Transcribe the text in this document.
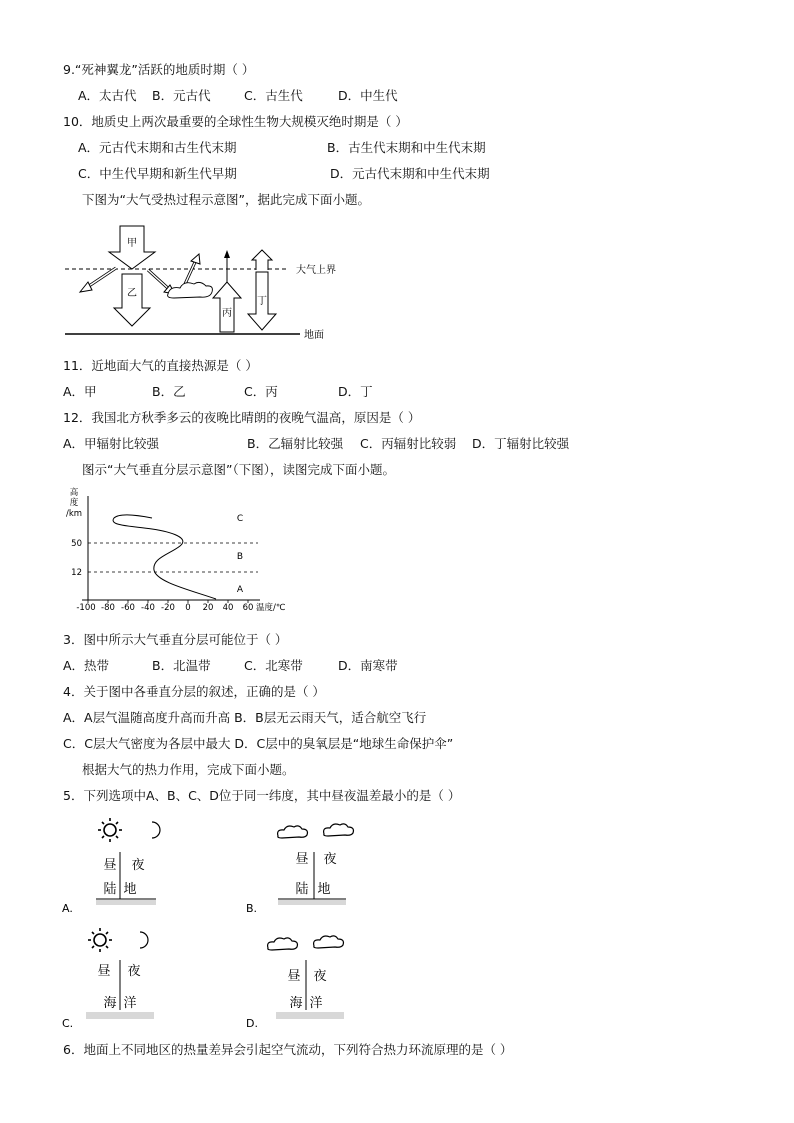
9.“死神翼龙”活跃的地质时期（ ）
A．太古代 B．元古代	C．古生代	D．中生代
10．地质史上两次最重要的全球性生物大规模灭绝时期是（ ）
A．元古代末期和古生代末期	B．古生代末期和中生代末期
C．中生代早期和新生代早期	D．元古代末期和中生代末期
下图为“大气受热过程示意图”，据此完成下面小题。
甲
乙
丙
丁
大气上界
地面
11．近地面大气的直接热源是（ ）
A．甲	B．乙	C．丙	D．丁
12．我国北方秋季多云的夜晚比晴朗的夜晚气温高，原因是（ ）
A．甲辐射比较强	B．乙辐射比较强 C．丙辐射比较弱 D．丁辐射比较强
图示“大气垂直分层示意图”（下图），读图完成下面小题。
高
度
/km
50
12
-100 -80 -60 -40 -20 0 20 40 60 温度/℃
A
B
C
3．图中所示大气垂直分层可能位于（ ）
A．热带	B．北温带	C．北寒带	D．南寒带
4．关于图中各垂直分层的叙述，正确的是（ ）
A．A层气温随高度升高而升高 B．B层无云雨天气，适合航空飞行
C．C层大气密度为各层中最大 D．C层中的臭氧层是“地球生命保护伞”
根据大气的热力作用，完成下面小题。
5．下列选项中A、B、C、D位于同一纬度，其中昼夜温差最小的是（ ）
昼 夜
陆 地
A.
昼 夜
陆 地
B.
昼 夜
海 洋
C.
昼 夜
海 洋
D.
6．地面上不同地区的热量差异会引起空气流动，下列符合热力环流原理的是（ ）
